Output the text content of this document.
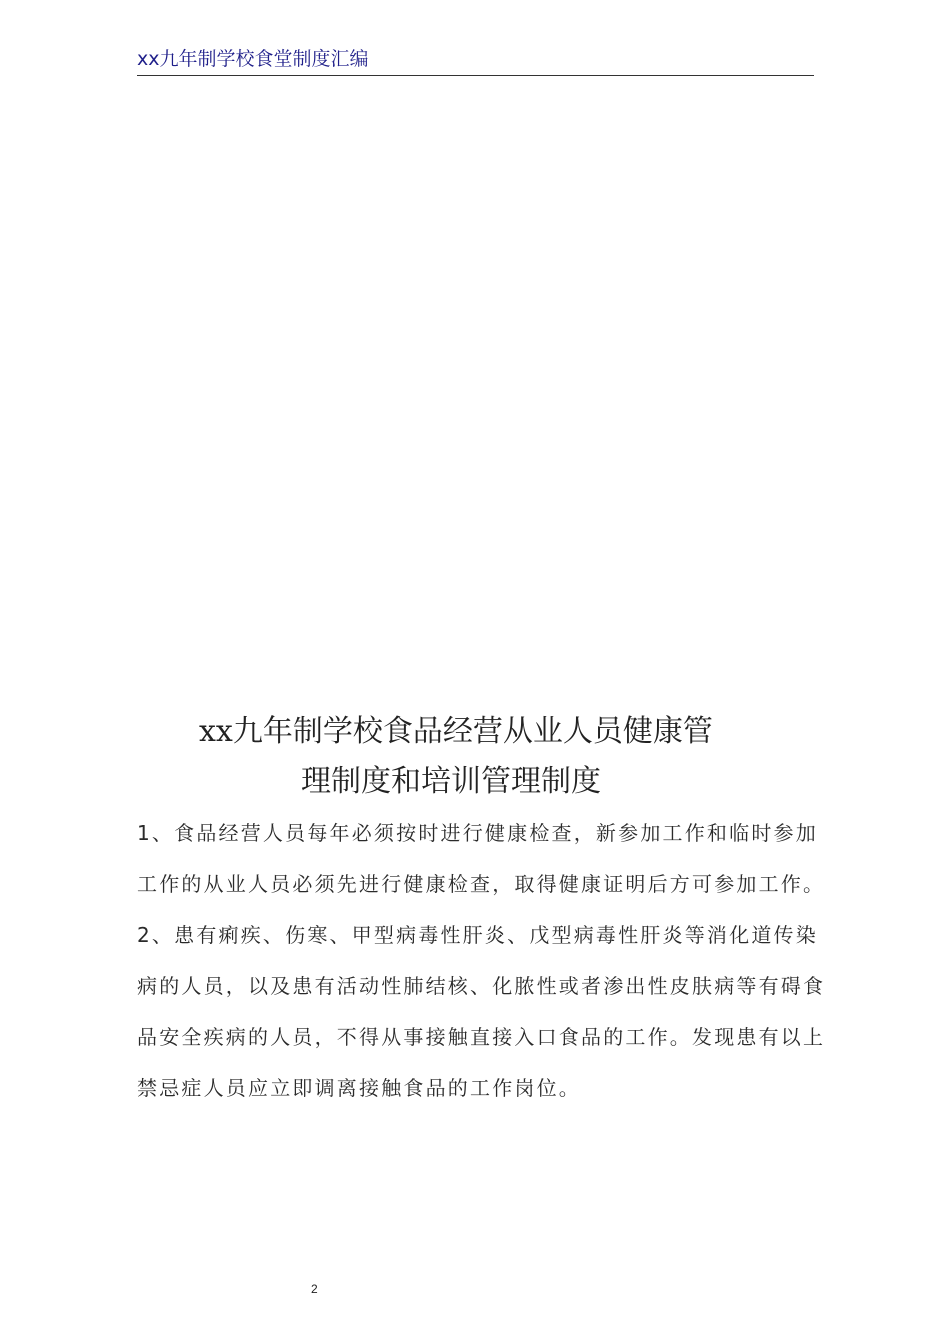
xx九年制学校食堂制度汇编
xx九年制学校食品经营从业人员健康管
理制度和培训管理制度
1、食品经营人员每年必须按时进行健康检查，新参加工作和临时参加工作的从业人员必须先进行健康检查，取得健康证明后方可参加工作。
2、患有痢疾、伤寒、甲型病毒性肝炎、戊型病毒性肝炎等消化道传染病的人员，以及患有活动性肺结核、化脓性或者渗出性皮肤病等有碍食品安全疾病的人员，不得从事接触直接入口食品的工作。发现患有以上禁忌症人员应立即调离接触食品的工作岗位。
2
